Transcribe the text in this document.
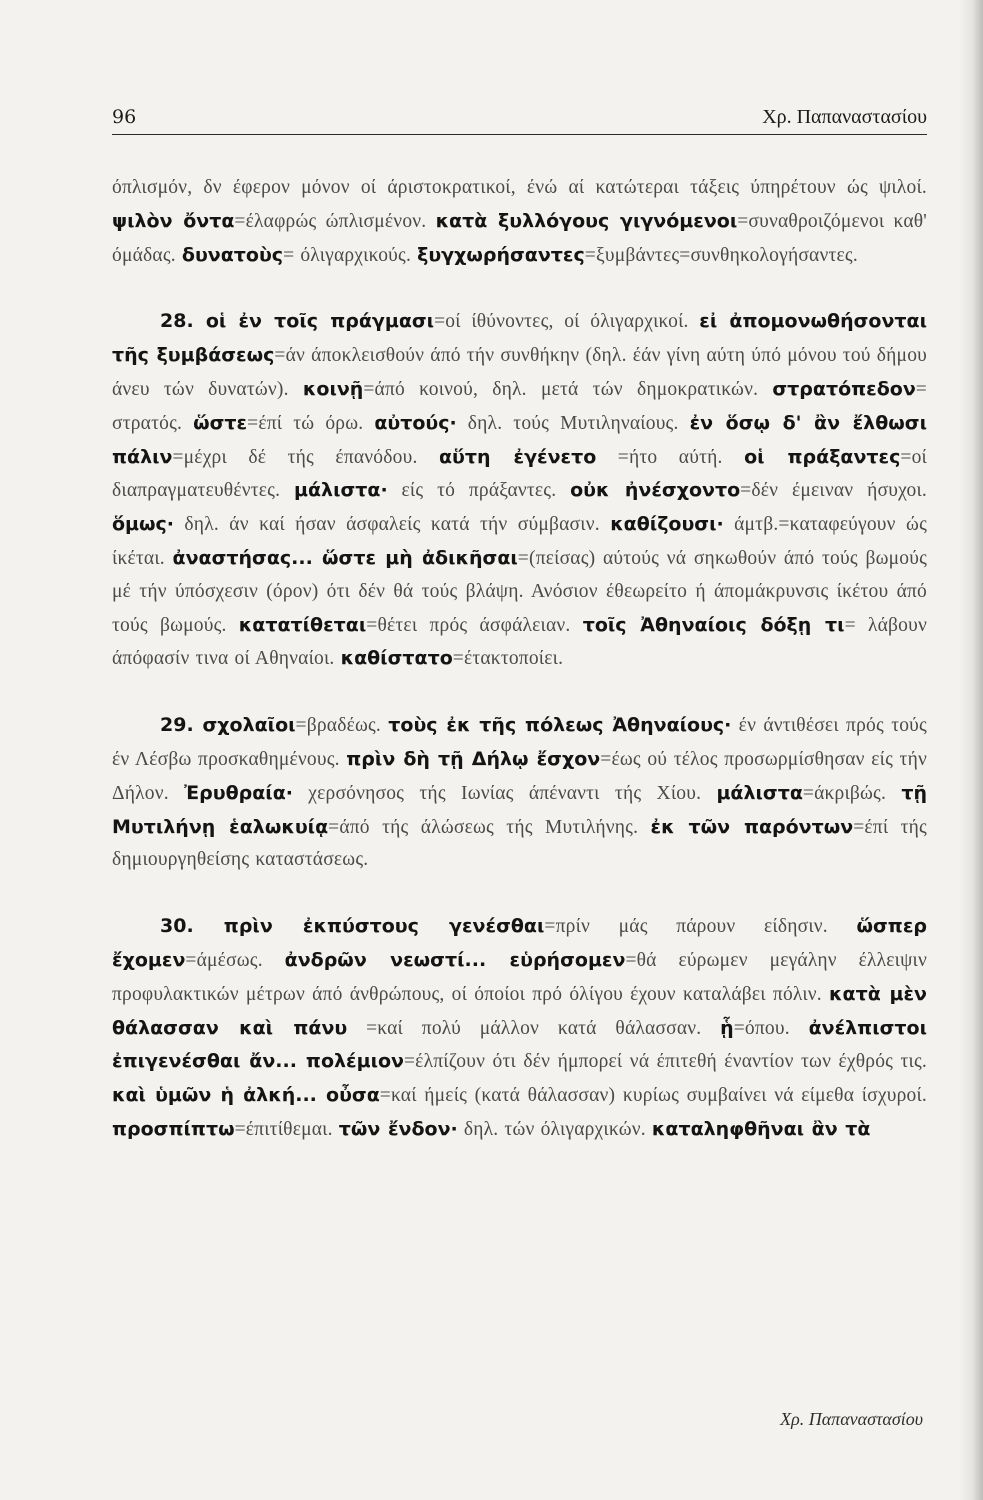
96	Χρ. Παπαναστασίου

όπλισμόν, δν έφερον μόνον οί άριστοκρατικοί, ένώ αί κατώτεραι τάξεις ύπηρέτουν ώς ψιλοί. ψιλὸν ὄντα=έλαφρώς ώπλισμένον. κατὰ ξυλλόγους γιγνόμενοι=συναθροιζόμενοι καθ' όμάδας. δυνατοὺς= όλιγαρχικούς. ξυγχωρήσαντες=ξυμβάντες=συνθηκολογήσαντες.

28. οἱ ἐν τοῖς πράγμασι=οί ίθύνοντες, οί όλιγαρχικοί. εἰ ἀπομονωθήσονται τῆς ξυμβάσεως=άν άποκλεισθούν άπό τήν συνθήκην (δηλ. έάν γίνη αύτη ύπό μόνου τού δήμου άνευ τών δυνατών). κοινῇ=άπό κοινού, δηλ. μετά τών δημοκρατικών. στρατόπεδον= στρατός. ὥστε=έπί τώ όρω. αὐτούς· δηλ. τούς Μυτιληναίους. ἐν ὅσῳ δ' ἂν ἔλθωσι πάλιν=μέχρι δέ τής έπανόδου. αὕτη ἐγένετο =ήτο αύτή. οἱ πράξαντες=οί διαπραγματευθέντες. μάλιστα· είς τό πράξαντες. οὐκ ἠνέσχοντο=δέν έμειναν ήσυχοι. ὅμως· δηλ. άν καί ήσαν άσφαλείς κατά τήν σύμβασιν. καθίζουσι· άμτβ.=καταφεύγουν ώς ίκέται. ἀναστήσας... ὥστε μὴ ἀδικῆσαι=(πείσας) αύτούς νά σηκωθούν άπό τούς βωμούς μέ τήν ύπόσχεσιν (όρον) ότι δέν θά τούς βλάψη. Ανόσιον έθεωρείτο ή άπομάκρυνσις ίκέτου άπό τούς βωμούς. κατατίθεται=θέτει πρός άσφάλειαν. τοῖς Ἀθηναίοις δόξῃ τι= λάβουν άπόφασίν τινα οί Αθηναίοι. καθίστατο=έτακτοποίει.

29. σχολαῖοι=βραδέως. τοὺς ἐκ τῆς πόλεως Ἀθηναίους· έν άντιθέσει πρός τούς έν Λέσβω προσκαθημένους. πρὶν δὴ τῇ Δήλῳ ἔσχον=έως ού τέλος προσωρμίσθησαν είς τήν Δήλον. Ἐρυθραία· χερσόνησος τής Ιωνίας άπέναντι τής Χίου. μάλιστα=άκριβώς. τῇ Μυτιλήνῃ ἑαλωκυίᾳ=άπό τής άλώσεως τής Μυτιλήνης. ἐκ τῶν παρόντων=έπί τής δημιουργηθείσης καταστάσεως.

30. πρὶν ἐκπύστους γενέσθαι=πρίν μάς πάρουν είδησιν. ὥσπερ ἔχομεν=άμέσως. ἀνδρῶν νεωστί... εὑρήσομεν=θά εύρωμεν μεγάλην έλλειψιν προφυλακτικών μέτρων άπό άνθρώπους, οί όποίοι πρό όλίγου έχουν καταλάβει πόλιν. κατὰ μὲν θάλασσαν καὶ πάνυ =καί πολύ μάλλον κατά θάλασσαν. ᾗ=όπου. ἀνέλπιστοι ἐπιγενέσθαι ἄν... πολέμιον=έλπίζουν ότι δέν ήμπορεί νά έπιτεθή έναντίον των έχθρός τις. καὶ ὑμῶν ἡ ἀλκή... οὖσα=καί ήμείς (κατά θάλασσαν) κυρίως συμβαίνει νά είμεθα ίσχυροί. προσπίπτω=έπιτίθεμαι. τῶν ἔνδον· δηλ. τών όλιγαρχικών. καταληφθῆναι ἂν τὰ

Χρ. Παπαναστασίου
